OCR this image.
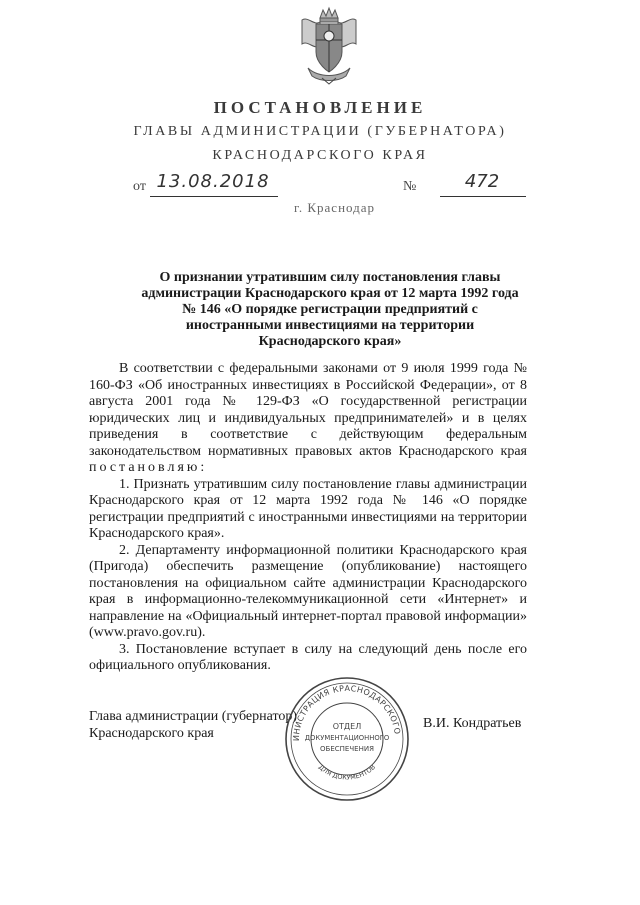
ПОСТАНОВЛЕНИЕ
ГЛАВЫ АДМИНИСТРАЦИИ (ГУБЕРНАТОРА)
КРАСНОДАРСКОГО КРАЯ
от 13.08.2018	№	472
г. Краснодар
О признании утратившим силу постановления главы администрации Краснодарского края от 12 марта 1992 года № 146 «О порядке регистрации предприятий с иностранными инвестициями на территории Краснодарского края»

В соответствии с федеральными законами от 9 июля 1999 года № 160-ФЗ «Об иностранных инвестициях в Российской Федерации», от 8 августа 2001 года № 129-ФЗ «О государственной регистрации юридических лиц и индивидуальных предпринимателей» и в целях приведения в соответствие с действующим федеральным законодательством нормативных правовых актов Краснодарского края постановляю:

1. Признать утратившим силу постановление главы администрации Краснодарского края от 12 марта 1992 года № 146 «О порядке регистрации предприятий с иностранными инвестициями на территории Краснодарского края».

2. Департаменту информационной политики Краснодарского края (Пригода) обеспечить размещение (опубликование) настоящего постановления на официальном сайте администрации Краснодарского края в информационно-телекоммуникационной сети «Интернет» и направление на «Официальный интернет-портал правовой информации» (www.pravo.gov.ru).

3. Постановление вступает в силу на следующий день после его официального опубликования.

Глава администрации (губернатор)
Краснодарского края
В.И. Кондратьев
ИНИСТРАЦИЯ КРАСНОДАРСКОГО
ДЛЯ ДОКУМЕНТОВ
ОТДЕЛ
ДОКУМЕНТАЦИОННОГО
ОБЕСПЕЧЕНИЯ
